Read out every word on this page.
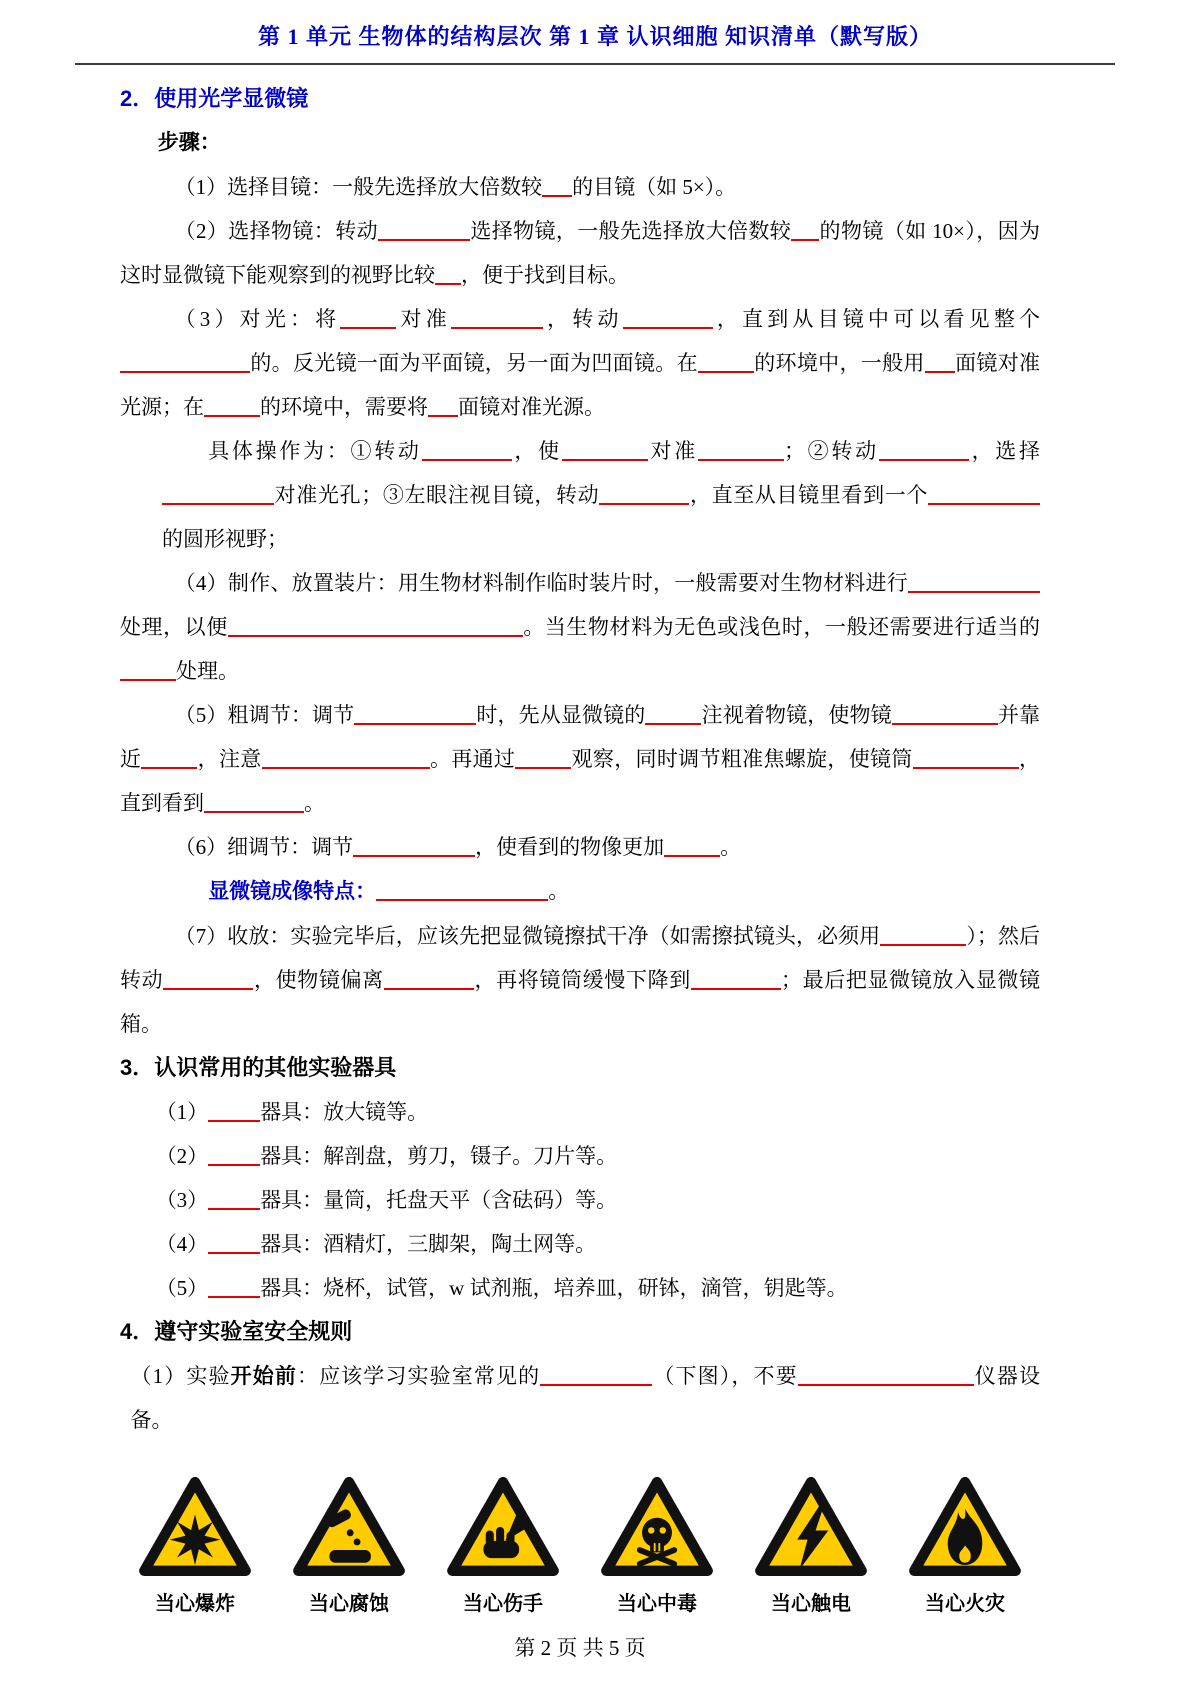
第 1 单元 生物体的结构层次 第 1 章 认识细胞 知识清单（默写版）
2．使用光学显微镜
步骤：
（1）选择目镜：一般先选择放大倍数较 的目镜（如 5×）。
（2）选择物镜：转动	选择物镜，一般先选择放大倍数较 的物镜（如 10×），因为这时显微镜下能观察到的视野比较 ，便于找到目标。
（3）对光：将	对准	，转动	，直到从目镜中可以看见整个的。反光镜一面为平面镜，另一面为凹面镜。在	的环境中，一般用 面镜对准光源；在	的环境中，需要将 面镜对准光源。
具体操作为：①转动	，使	对准	；②转动	，选择对准光孔；③左眼注视目镜，转动	，直至从目镜里看到一个的圆形视野；
（4）制作、放置装片：用生物材料制作临时装片时，一般需要对生物材料进行处理，以便	。当生物材料为无色或浅色时，一般还需要进行适当的处理。
（5）粗调节：调节	时，先从显微镜的	注视着物镜，使物镜	并靠近	，注意	。再通过	观察，同时调节粗准焦螺旋，使镜筒	，直到看到	。
（6）细调节：调节	，使看到的物像更加	。
显微镜成像特点：	。
（7）收放：实验完毕后，应该先把显微镜擦拭干净（如需擦拭镜头，必须用	）；然后转动	，使物镜偏离	，再将镜筒缓慢下降到	；最后把显微镜放入显微镜箱。
3．认识常用的其他实验器具
（1） 器具：放大镜等。
（2） 器具：解剖盘，剪刀，镊子。刀片等。
（3） 器具：量筒，托盘天平（含砝码）等。
（4） 器具：酒精灯，三脚架，陶土网等。
（5） 器具：烧杯，试管，w 试剂瓶，培养皿，研钵，滴管，钥匙等。
4．遵守实验室安全规则
（1）实验开始前：应该学习实验室常见的	（下图），不要	仪器设备。
当心爆炸	当心腐蚀	当心伤手	当心中毒	当心触电	当心火灾
第 2 页 共 5 页
